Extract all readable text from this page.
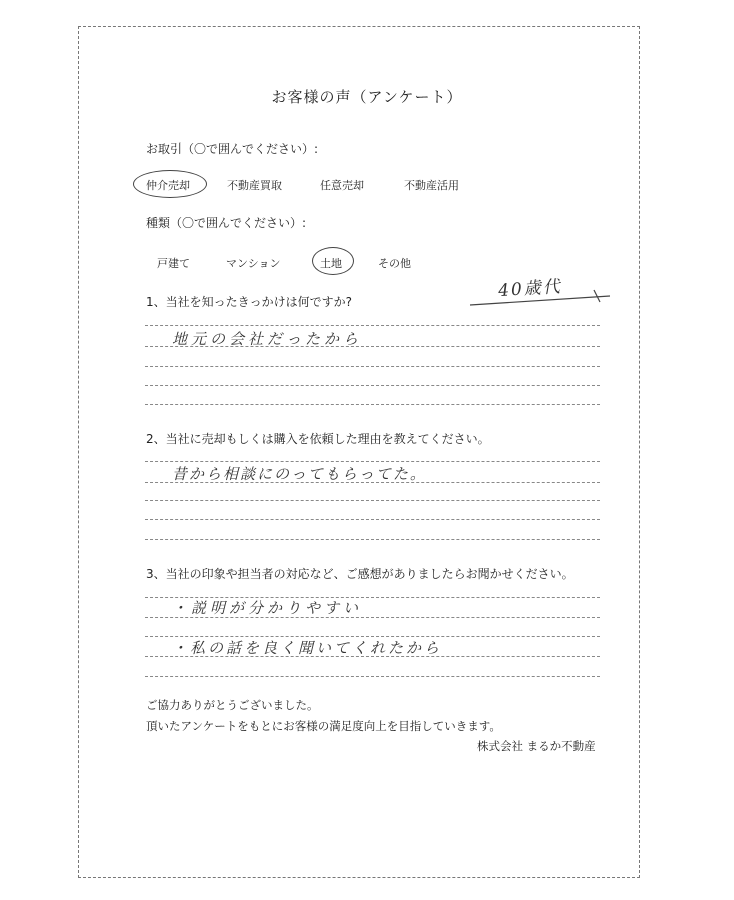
お客様の声（アンケート）
お取引（〇で囲んでください）:
仲介売却	不動産買取	任意売却	不動産活用
種類（〇で囲んでください）:
戸建て	マンション	土地	その他
40歳代
1、当社を知ったきっかけは何ですか?
地元の会社だったから
2、当社に売却もしくは購入を依頼した理由を教えてください。
昔から相談にのってもらってた。
3、当社の印象や担当者の対応など、ご感想がありましたらお聞かせください。
・説明が分かりやすい
・私の話を良く聞いてくれたから
ご協力ありがとうございました。
頂いたアンケートをもとにお客様の満足度向上を目指していきます。
株式会社 まるか不動産
